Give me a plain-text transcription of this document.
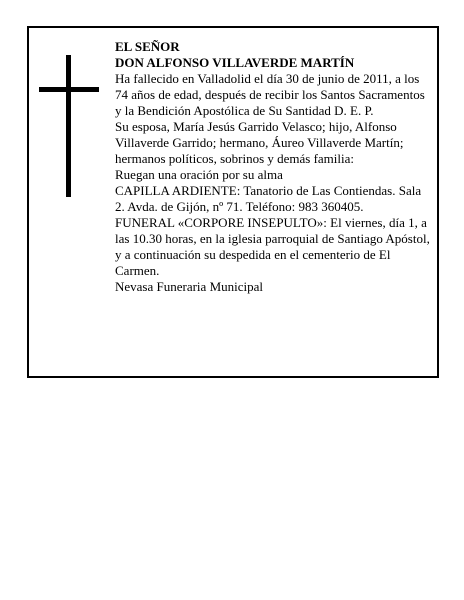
EL SEÑOR

DON ALFONSO VILLAVERDE MARTÍN

Ha fallecido en Valladolid el día 30 de junio de 2011, a los 74 años de edad, después de recibir los Santos Sacramentos y la Bendición Apostólica de Su Santidad D. E. P.

Su esposa, María Jesús Garrido Velasco; hijo, Alfonso Villaverde Garrido; hermano, Áureo Villaverde Martín; hermanos políticos, sobrinos y demás familia:

Ruegan una oración por su alma

CAPILLA ARDIENTE: Tanatorio de Las Contiendas. Sala 2. Avda. de Gijón, nº 71. Teléfono: 983 360405.

FUNERAL «CORPORE INSEPULTO»: El viernes, día 1, a las 10.30 horas, en la iglesia parroquial de Santiago Apóstol, y a continuación su despedida en el cementerio de El Carmen.

Nevasa Funeraria Municipal
